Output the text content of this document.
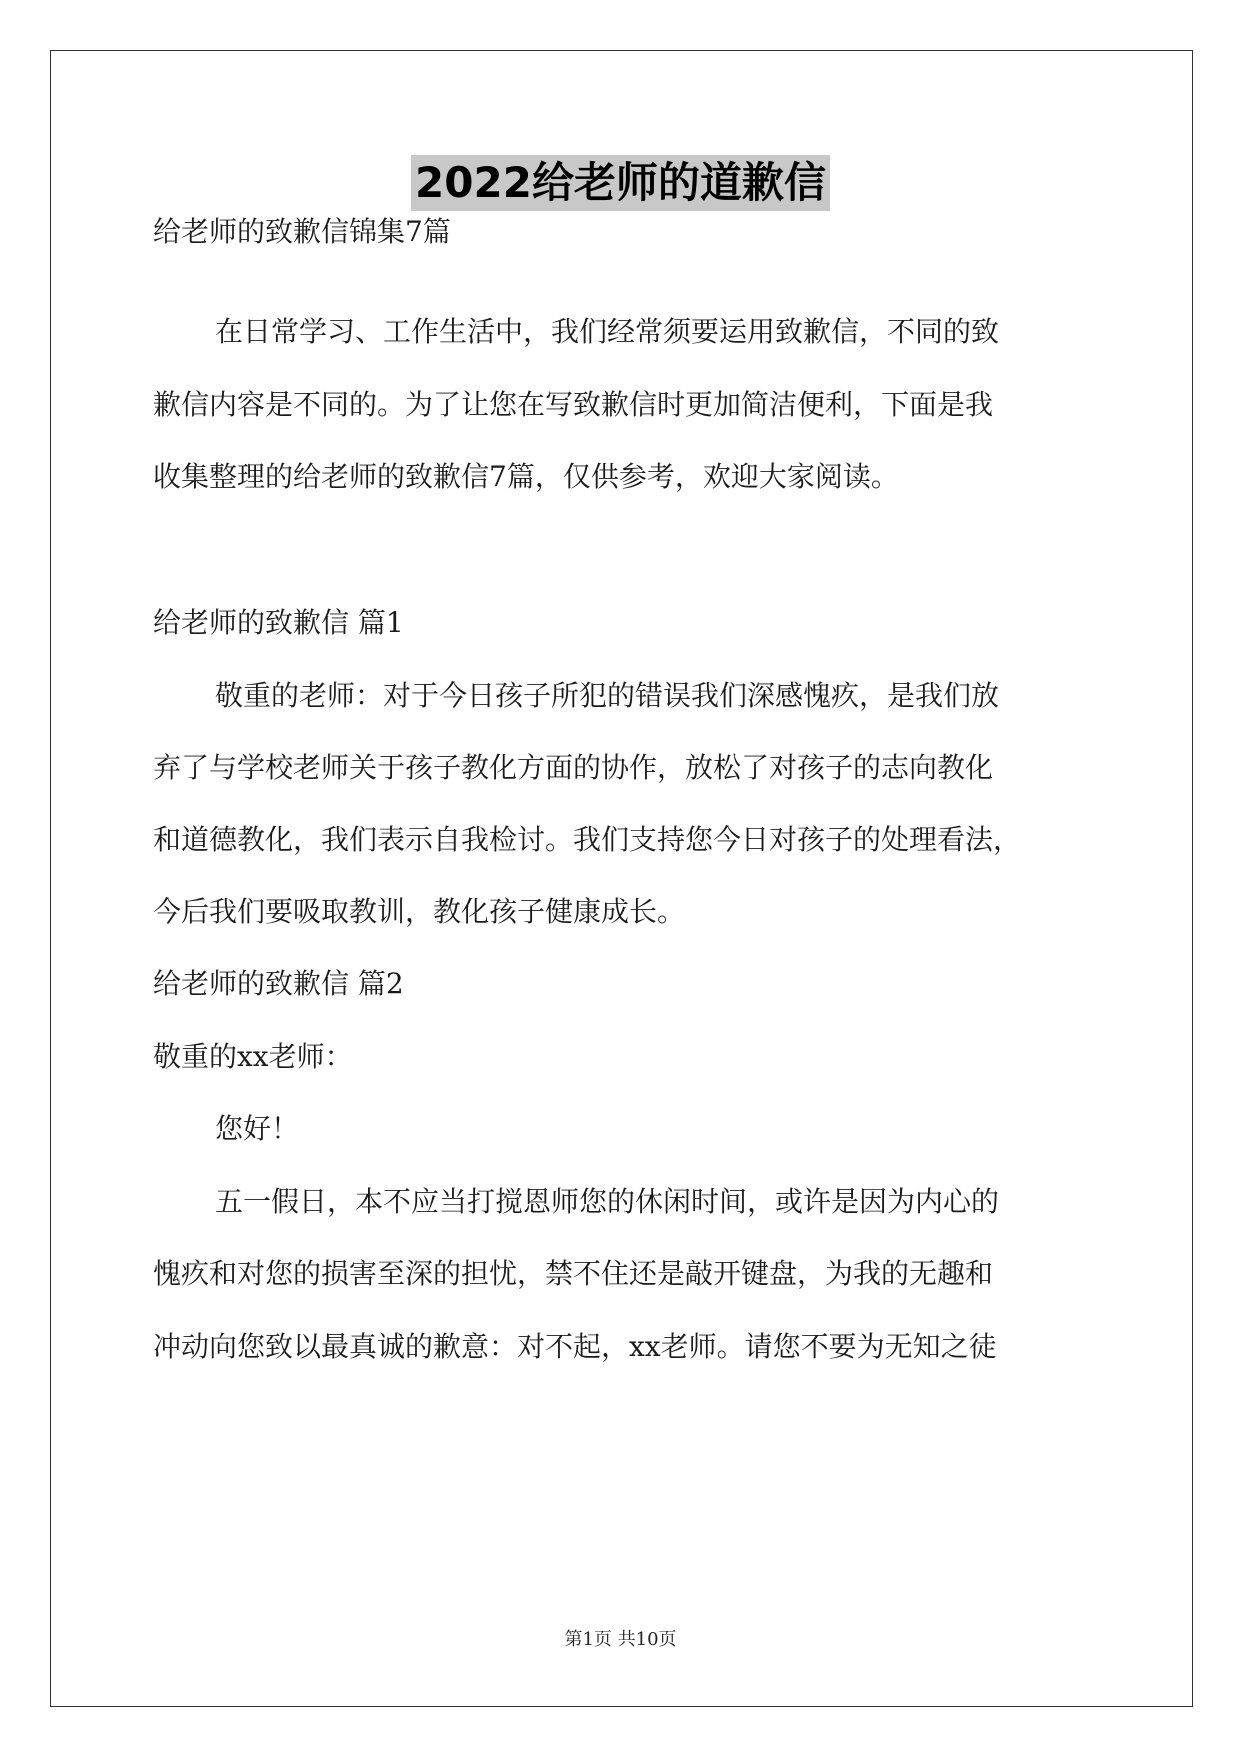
2022给老师的道歉信
给老师的致歉信锦集7篇
在日常学习、工作生活中，我们经常须要运用致歉信，不同的致
歉信内容是不同的。为了让您在写致歉信时更加简洁便利，下面是我
收集整理的给老师的致歉信7篇，仅供参考，欢迎大家阅读。
给老师的致歉信 篇1
敬重的老师：对于今日孩子所犯的错误我们深感愧疚，是我们放
弃了与学校老师关于孩子教化方面的协作，放松了对孩子的志向教化
和道德教化，我们表示自我检讨。我们支持您今日对孩子的处理看法，
今后我们要吸取教训，教化孩子健康成长。
给老师的致歉信 篇2
敬重的xx老师：
您好！
五一假日，本不应当打搅恩师您的休闲时间，或许是因为内心的
愧疚和对您的损害至深的担忧，禁不住还是敲开键盘，为我的无趣和
冲动向您致以最真诚的歉意：对不起，xx老师。请您不要为无知之徒
第1页 共10页
